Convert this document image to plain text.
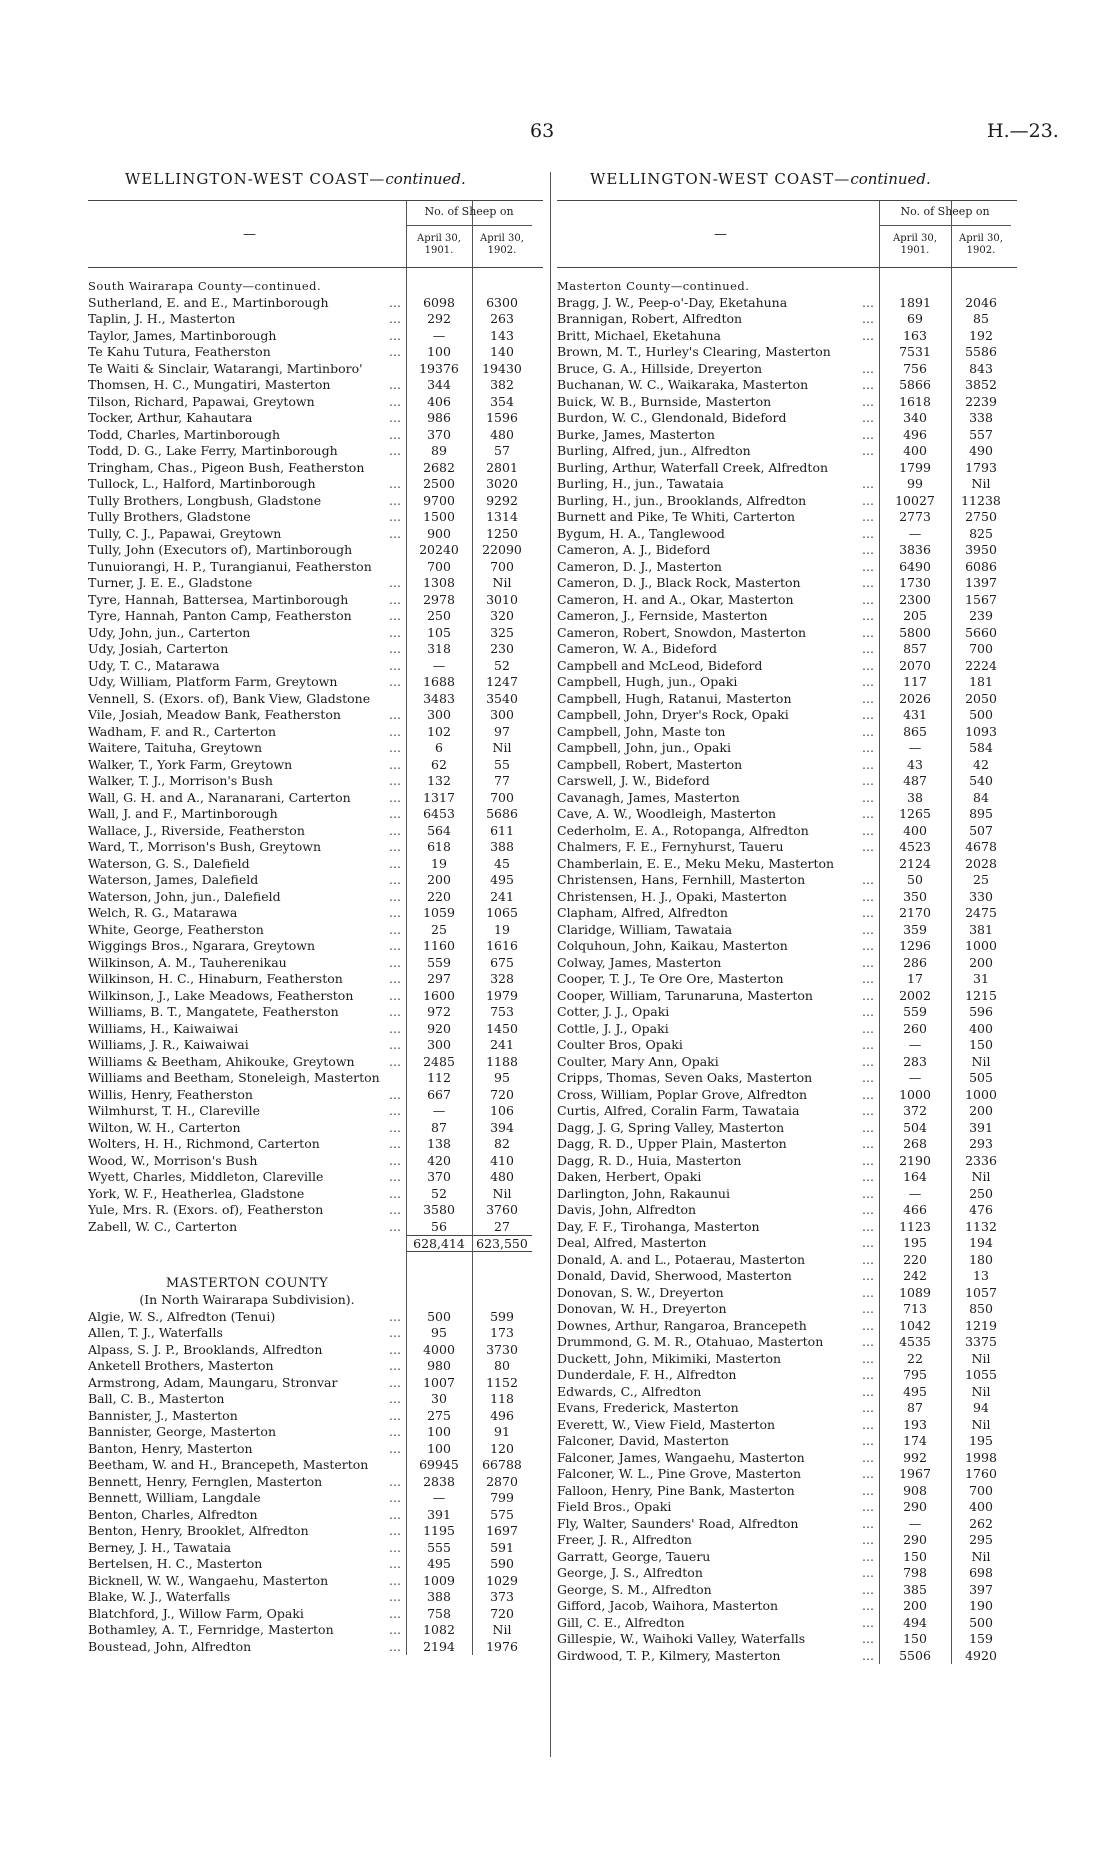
63	H.—23.
WELLINGTON-WEST COAST—continued.	WELLINGTON-WEST COAST—continued.
—
No. of Sheep on
April 30, 1901.
April 30, 1902.
South Wairarapa County—continued.
Sutherland, E. and E., Martinborough	...	6098	6300
Taplin, J. H., Masterton	...	292	263
Taylor, James, Martinborough	...	—	143
Te Kahu Tutura, Featherston	...	100	140
Te Waiti & Sinclair, Watarangi, Martinboro'	19376	19430
Thomsen, H. C., Mungatiri, Masterton	...	344	382
Tilson, Richard, Papawai, Greytown	...	406	354
Tocker, Arthur, Kahautara	...	986	1596
Todd, Charles, Martinborough	...	370	480
Todd, D. G., Lake Ferry, Martinborough	...	89	57
Tringham, Chas., Pigeon Bush, Featherston	2682	2801
Tullock, L., Halford, Martinborough	...	2500	3020
Tully Brothers, Longbush, Gladstone	...	9700	9292
Tully Brothers, Gladstone	...	1500	1314
Tully, C. J., Papawai, Greytown	...	900	1250
Tully, John (Executors of), Martinborough	20240	22090
Tunuiorangi, H. P., Turangianui, Featherston	700	700
Turner, J. E. E., Gladstone	...	1308	Nil
Tyre, Hannah, Battersea, Martinborough	...	2978	3010
Tyre, Hannah, Panton Camp, Featherston	...	250	320
Udy, John, jun., Carterton	...	105	325
Udy, Josiah, Carterton	...	318	230
Udy, T. C., Matarawa	...	—	52
Udy, William, Platform Farm, Greytown	...	1688	1247
Vennell, S. (Exors. of), Bank View, Gladstone	3483	3540
Vile, Josiah, Meadow Bank, Featherston	...	300	300
Wadham, F. and R., Carterton	...	102	97
Waitere, Taituha, Greytown	...	6	Nil
Walker, T., York Farm, Greytown	...	62	55
Walker, T. J., Morrison's Bush	...	132	77
Wall, G. H. and A., Naranarani, Carterton	...	1317	700
Wall, J. and F., Martinborough	...	6453	5686
Wallace, J., Riverside, Featherston	...	564	611
Ward, T., Morrison's Bush, Greytown	...	618	388
Waterson, G. S., Dalefield	...	19	45
Waterson, James, Dalefield	...	200	495
Waterson, John, jun., Dalefield	...	220	241
Welch, R. G., Matarawa	...	1059	1065
White, George, Featherston	...	25	19
Wiggings Bros., Ngarara, Greytown	...	1160	1616
Wilkinson, A. M., Tauherenikau	...	559	675
Wilkinson, H. C., Hinaburn, Featherston	...	297	328
Wilkinson, J., Lake Meadows, Featherston	...	1600	1979
Williams, B. T., Mangatete, Featherston	...	972	753
Williams, H., Kaiwaiwai	...	920	1450
Williams, J. R., Kaiwaiwai	...	300	241
Williams & Beetham, Ahikouke, Greytown	...	2485	1188
Williams and Beetham, Stoneleigh, Masterton	112	95
Willis, Henry, Featherston	...	667	720
Wilmhurst, T. H., Clareville	...	—	106
Wilton, W. H., Carterton	...	87	394
Wolters, H. H., Richmond, Carterton	...	138	82
Wood, W., Morrison's Bush	...	420	410
Wyett, Charles, Middleton, Clareville	...	370	480
York, W. F., Heatherlea, Gladstone	...	52	Nil
Yule, Mrs. R. (Exors. of), Featherston	...	3580	3760
Zabell, W. C., Carterton	...	56	27
628,414 623,550
MASTERTON COUNTY
(In North Wairarapa Subdivision).
Algie, W. S., Alfredton (Tenui)	...	500	599
Allen, T. J., Waterfalls	...	95	173
Alpass, S. J. P., Brooklands, Alfredton	...	4000	3730
Anketell Brothers, Masterton	...	980	80
Armstrong, Adam, Maungaru, Stronvar	...	1007	1152
Ball, C. B., Masterton	...	30	118
Bannister, J., Masterton	...	275	496
Bannister, George, Masterton	...	100	91
Banton, Henry, Masterton	...	100	120
Beetham, W. and H., Brancepeth, Masterton	69945	66788
Bennett, Henry, Fernglen, Masterton	...	2838	2870
Bennett, William, Langdale	...	—	799
Benton, Charles, Alfredton	...	391	575
Benton, Henry, Brooklet, Alfredton	...	1195	1697
Berney, J. H., Tawataia	...	555	591
Bertelsen, H. C., Masterton	...	495	590
Bicknell, W. W., Wangaehu, Masterton	...	1009	1029
Blake, W. J., Waterfalls	...	388	373
Blatchford, J., Willow Farm, Opaki	...	758	720
Bothamley, A. T., Fernridge, Masterton	...	1082	Nil
Boustead, John, Alfredton	...	2194	1976
—
No. of Sheep on
April 30, 1901.
April 30, 1902.
Masterton County—continued.
Bragg, J. W., Peep-o'-Day, Eketahuna	...	1891	2046
Brannigan, Robert, Alfredton	...	69	85
Britt, Michael, Eketahuna	...	163	192
Brown, M. T., Hurley's Clearing, Masterton	7531	5586
Bruce, G. A., Hillside, Dreyerton	...	756	843
Buchanan, W. C., Waikaraka, Masterton	...	5866	3852
Buick, W. B., Burnside, Masterton	...	1618	2239
Burdon, W. C., Glendonald, Bideford	...	340	338
Burke, James, Masterton	...	496	557
Burling, Alfred, jun., Alfredton	...	400	490
Burling, Arthur, Waterfall Creek, Alfredton	1799	1793
Burling, H., jun., Tawataia	...	99	Nil
Burling, H., jun., Brooklands, Alfredton	...	10027	11238
Burnett and Pike, Te Whiti, Carterton	...	2773	2750
Bygum, H. A., Tanglewood	...	—	825
Cameron, A. J., Bideford	...	3836	3950
Cameron, D. J., Masterton	...	6490	6086
Cameron, D. J., Black Rock, Masterton	...	1730	1397
Cameron, H. and A., Okar, Masterton	...	2300	1567
Cameron, J., Fernside, Masterton	...	205	239
Cameron, Robert, Snowdon, Masterton	...	5800	5660
Cameron, W. A., Bideford	...	857	700
Campbell and McLeod, Bideford	...	2070	2224
Campbell, Hugh, jun., Opaki	...	117	181
Campbell, Hugh, Ratanui, Masterton	...	2026	2050
Campbell, John, Dryer's Rock, Opaki	...	431	500
Campbell, John, Maste ton	...	865	1093
Campbell, John, jun., Opaki	...	—	584
Campbell, Robert, Masterton	...	43	42
Carswell, J. W., Bideford	...	487	540
Cavanagh, James, Masterton	...	38	84
Cave, A. W., Woodleigh, Masterton	...	1265	895
Cederholm, E. A., Rotopanga, Alfredton	...	400	507
Chalmers, F. E., Fernyhurst, Taueru	...	4523	4678
Chamberlain, E. E., Meku Meku, Masterton	2124	2028
Christensen, Hans, Fernhill, Masterton	...	50	25
Christensen, H. J., Opaki, Masterton	...	350	330
Clapham, Alfred, Alfredton	...	2170	2475
Claridge, William, Tawataia	...	359	381
Colquhoun, John, Kaikau, Masterton	...	1296	1000
Colway, James, Masterton	...	286	200
Cooper, T. J., Te Ore Ore, Masterton	...	17	31
Cooper, William, Tarunaruna, Masterton	...	2002	1215
Cotter, J. J., Opaki	...	559	596
Cottle, J. J., Opaki	...	260	400
Coulter Bros, Opaki	...	—	150
Coulter, Mary Ann, Opaki	...	283	Nil
Cripps, Thomas, Seven Oaks, Masterton	...	—	505
Cross, William, Poplar Grove, Alfredton	...	1000	1000
Curtis, Alfred, Coralin Farm, Tawataia	...	372	200
Dagg, J. G, Spring Valley, Masterton	...	504	391
Dagg, R. D., Upper Plain, Masterton	...	268	293
Dagg, R. D., Huia, Masterton	...	2190	2336
Daken, Herbert, Opaki	...	164	Nil
Darlington, John, Rakaunui	...	—	250
Davis, John, Alfredton	...	466	476
Day, F. F., Tirohanga, Masterton	...	1123	1132
Deal, Alfred, Masterton	...	195	194
Donald, A. and L., Potaerau, Masterton	...	220	180
Donald, David, Sherwood, Masterton	...	242	13
Donovan, S. W., Dreyerton	...	1089	1057
Donovan, W. H., Dreyerton	...	713	850
Downes, Arthur, Rangaroa, Brancepeth	...	1042	1219
Drummond, G. M. R., Otahuao, Masterton	...	4535	3375
Duckett, John, Mikimiki, Masterton	...	22	Nil
Dunderdale, F. H., Alfredton	...	795	1055
Edwards, C., Alfredton	...	495	Nil
Evans, Frederick, Masterton	...	87	94
Everett, W., View Field, Masterton	...	193	Nil
Falconer, David, Masterton	...	174	195
Falconer, James, Wangaehu, Masterton	...	992	1998
Falconer, W. L., Pine Grove, Masterton	...	1967	1760
Falloon, Henry, Pine Bank, Masterton	...	908	700
Field Bros., Opaki	...	290	400
Fly, Walter, Saunders' Road, Alfredton	...	—	262
Freer, J. R., Alfredton	...	290	295
Garratt, George, Taueru	...	150	Nil
George, J. S., Alfredton	...	798	698
George, S. M., Alfredton	...	385	397
Gifford, Jacob, Waihora, Masterton	...	200	190
Gill, C. E., Alfredton	...	494	500
Gillespie, W., Waihoki Valley, Waterfalls	...	150	159
Girdwood, T. P., Kilmery, Masterton	...	5506	4920
